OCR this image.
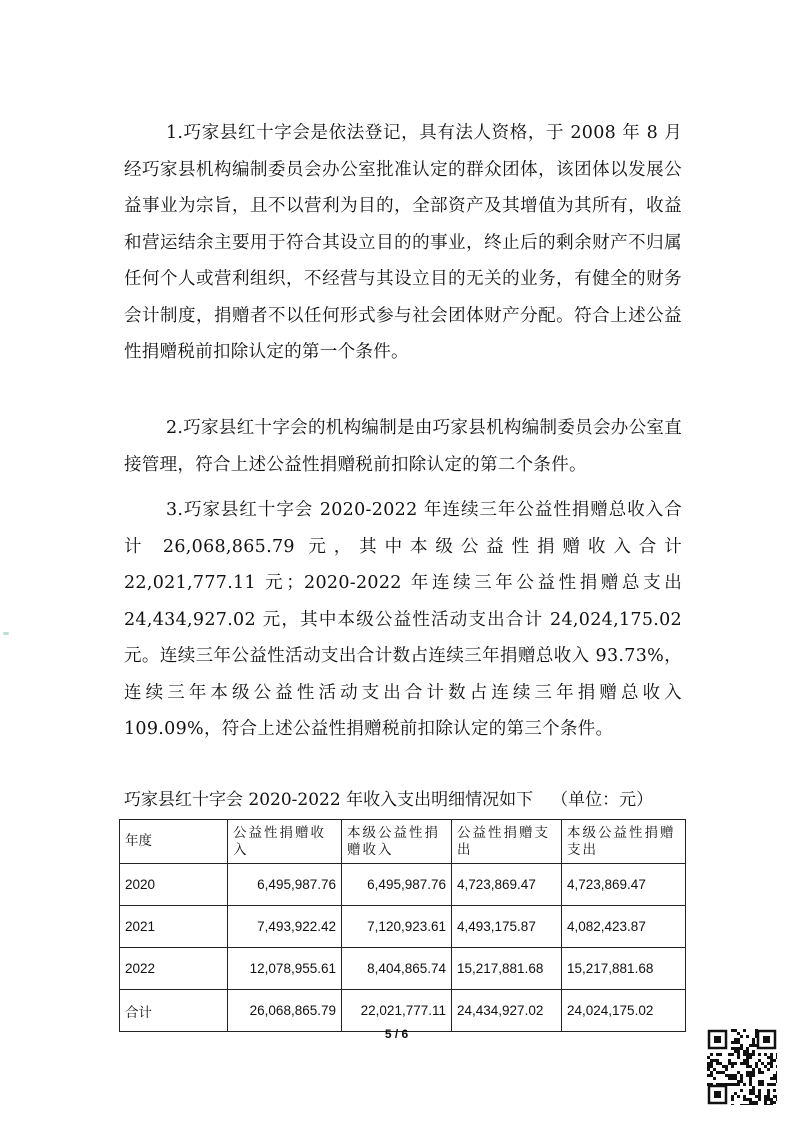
1.巧家县红十字会是依法登记，具有法人资格，于 2008 年 8 月经巧家县机构编制委员会办公室批准认定的群众团体，该团体以发展公益事业为宗旨，且不以营利为目的，全部资产及其增值为其所有，收益和营运结余主要用于符合其设立目的的事业，终止后的剩余财产不归属任何个人或营利组织，不经营与其设立目的无关的业务，有健全的财务会计制度，捐赠者不以任何形式参与社会团体财产分配。符合上述公益性捐赠税前扣除认定的第一个条件。

2.巧家县红十字会的机构编制是由巧家县机构编制委员会办公室直接管理，符合上述公益性捐赠税前扣除认定的第二个条件。

3.巧家县红十字会 2020-2022 年连续三年公益性捐赠总收入合计 26,068,865.79 元，其中本级公益性捐赠收入合计 22,021,777.11 元；2020-2022 年连续三年公益性捐赠总支出 24,434,927.02 元，其中本级公益性活动支出合计 24,024,175.02 元。连续三年公益性活动支出合计数占连续三年捐赠总收入 93.73%，连续三年本级公益性活动支出合计数占连续三年捐赠总收入 109.09%，符合上述公益性捐赠税前扣除认定的第三个条件。

巧家县红十字会 2020-2022 年收入支出明细情况如下 （单位：元）
年度	公益性捐赠收入	本级公益性捐赠收入	公益性捐赠支出	本级公益性捐赠支出
2020	6,495,987.76	6,495,987.76	4,723,869.47	4,723,869.47
2021	7,493,922.42	7,120,923.61	4,493,175.87	4,082,423.87
2022	12,078,955.61	8,404,865.74	15,217,881.68	15,217,881.68
合计	26,068,865.79	22,021,777.11	24,434,927.02	24,024,175.02
5 / 6
